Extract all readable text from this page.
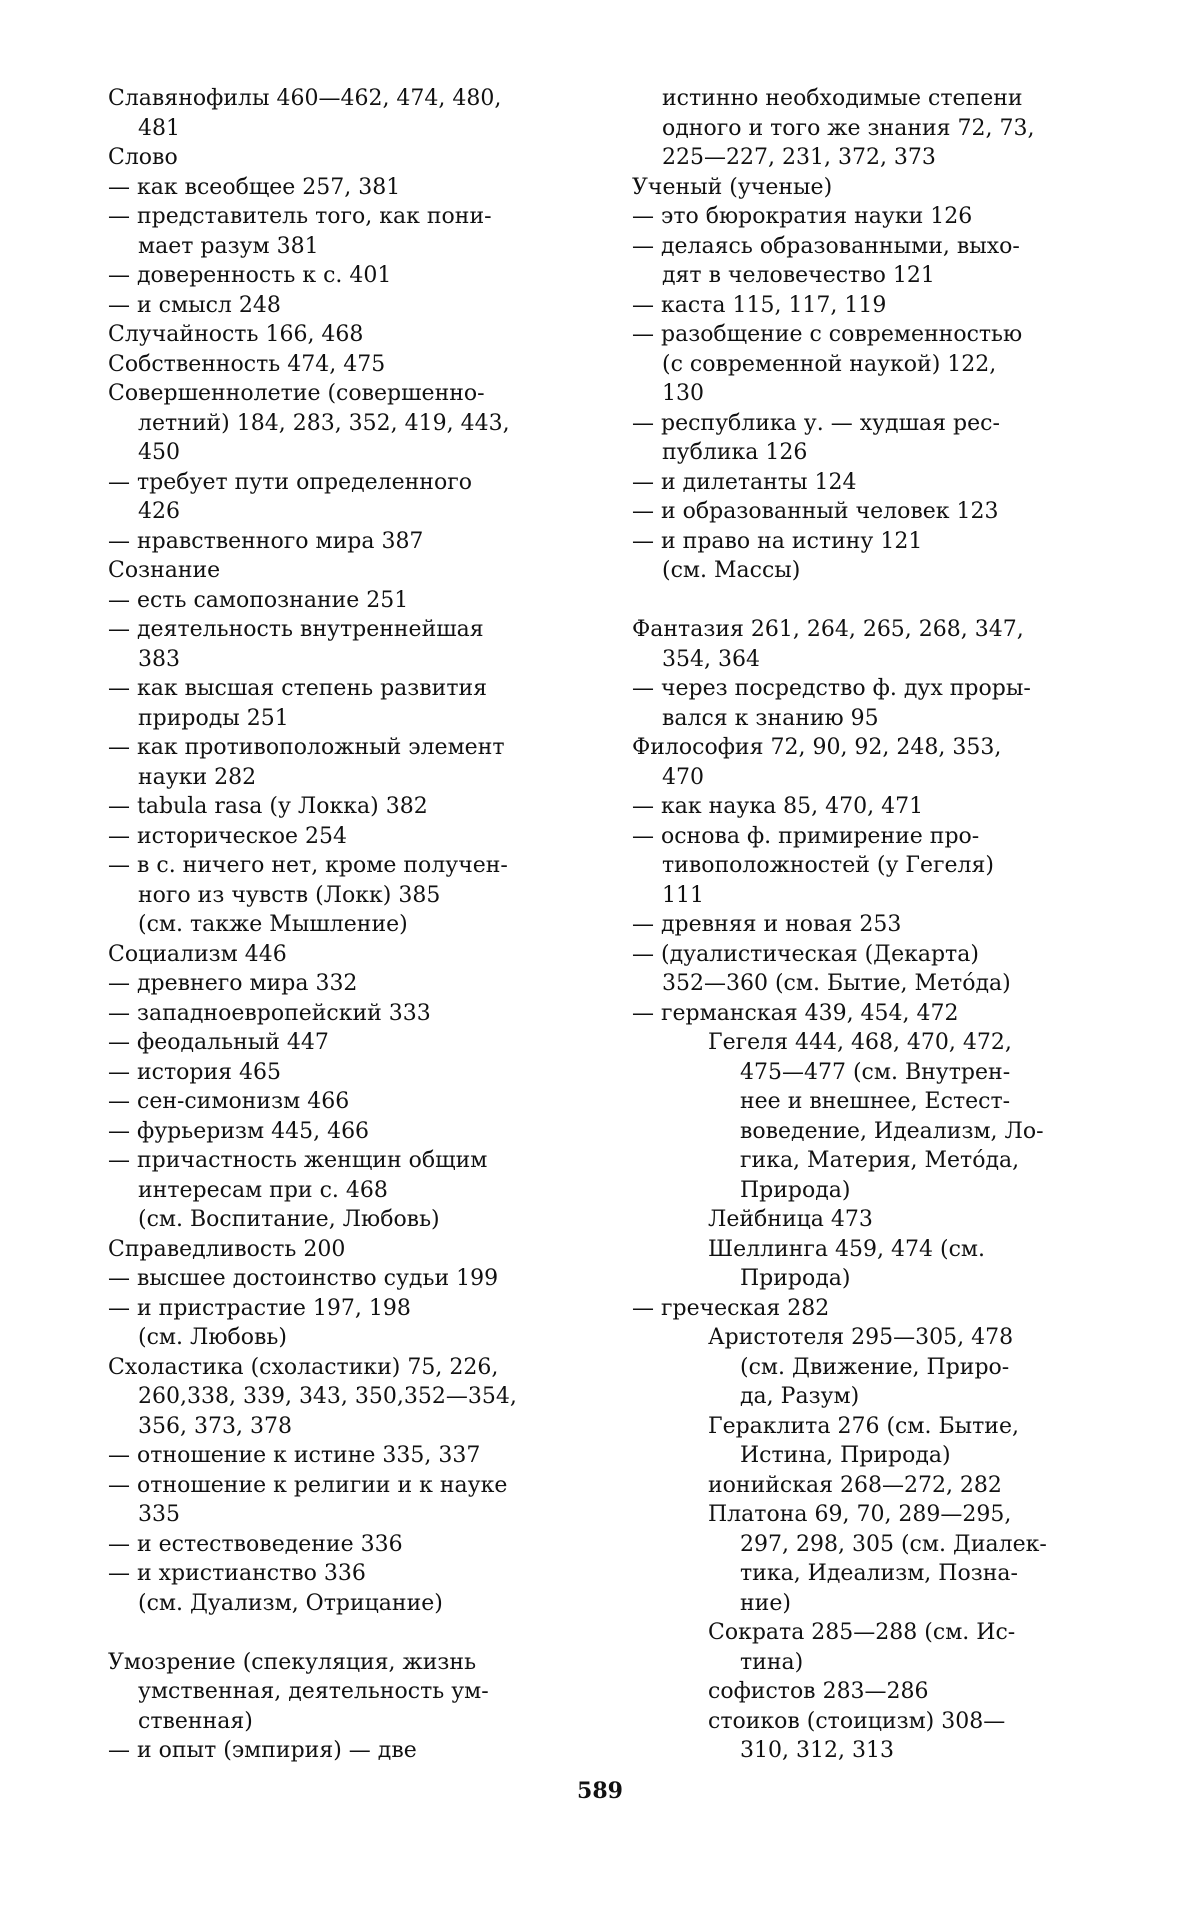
Славянофилы 460—462, 474, 480,
481
Слово
— как всеобщее 257, 381
— представитель того, как пони-
мает разум 381
— доверенность к с. 401
— и смысл 248
Случайность 166, 468
Собственность 474, 475
Совершеннолетие (совершенно-
летний) 184, 283, 352, 419, 443,
450
— требует пути определенного
426
— нравственного мира 387
Сознание
— есть самопознание 251
— деятельность внутреннейшая
383
— как высшая степень развития
природы 251
— как противоположный элемент
науки 282
— tabula rasa (у Локка) 382
— историческое 254
— в с. ничего нет, кроме получен-
ного из чувств (Локк) 385
(см. также Мышление)
Социализм 446
— древнего мира 332
— западноевропейский 333
— феодальный 447
— история 465
— сен-симонизм 466
— фурьеризм 445, 466
— причастность женщин общим
интересам при с. 468
(см. Воспитание, Любовь)
Справедливость 200
— высшее достоинство судьи 199
— и пристрастие 197, 198
(см. Любовь)
Схоластика (схоластики) 75, 226,
260,338, 339, 343, 350,352—354,
356, 373, 378
— отношение к истине 335, 337
— отношение к религии и к науке
335
— и естествоведение 336
— и христианство 336
(см. Дуализм, Отрицание)
Умозрение (спекуляция, жизнь
умственная, деятельность ум-
ственная)
— и опыт (эмпирия) — две
истинно необходимые степени
одного и того же знания 72, 73,
225—227, 231, 372, 373
Ученый (ученые)
— это бюрократия науки 126
— делаясь образованными, выхо-
дят в человечество 121
— каста 115, 117, 119
— разобщение с современностью
(с современной наукой) 122,
130
— республика у. — худшая рес-
публика 126
— и дилетанты 124
— и образованный человек 123
— и право на истину 121
(см. Массы)
Фантазия 261, 264, 265, 268, 347,
354, 364
— через посредство ф. дух проры-
вался к знанию 95
Философия 72, 90, 92, 248, 353,
470
— как наука 85, 470, 471
— основа ф. примирение про-
тивоположностей (у Гегеля)
111
— древняя и новая 253
— (дуалистическая (Декарта)
352—360 (см. Бытие, Метóда)
— германская 439, 454, 472
Гегеля 444, 468, 470, 472,
475—477 (см. Внутрен-
нее и внешнее, Естест-
воведение, Идеализм, Ло-
гика, Материя, Метóда,
Природа)
Лейбница 473
Шеллинга 459, 474 (см.
Природа)
— греческая 282
Аристотеля 295—305, 478
(см. Движение, Приро-
да, Разум)
Гераклита 276 (см. Бытие,
Истина, Природа)
ионийская 268—272, 282
Платона 69, 70, 289—295,
297, 298, 305 (см. Диалек-
тика, Идеализм, Позна-
ние)
Сократа 285—288 (см. Ис-
тина)
софистов 283—286
стоиков (стоицизм) 308—
310, 312, 313
589
